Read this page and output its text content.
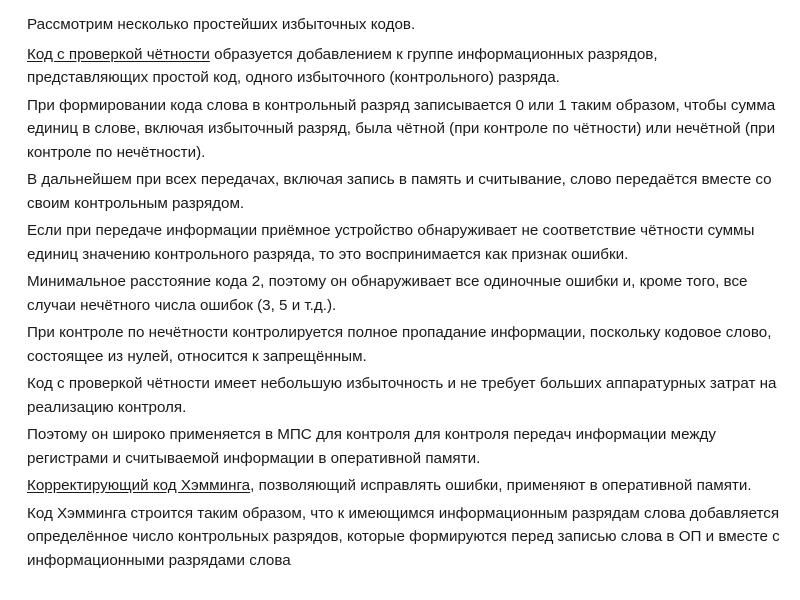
Рассмотрим несколько простейших избыточных кодов.

Код с проверкой чётности образуется добавлением к группе информационных разрядов, представляющих простой код, одного избыточного (контрольного) разряда.

При формировании кода слова в контрольный разряд записывается 0 или 1 таким образом, чтобы сумма единиц в слове, включая избыточный разряд, была чётной (при контроле по чётности) или нечётной (при контроле по нечётности).

В дальнейшем при всех передачах, включая запись в память и считывание, слово передаётся вместе со своим контрольным разрядом.

Если при передаче информации приёмное устройство обнаруживает не соответствие чётности суммы единиц значению контрольного разряда, то это воспринимается как признак ошибки.

Минимальное расстояние кода 2, поэтому он обнаруживает все одиночные ошибки и, кроме того, все случаи нечётного числа ошибок (3, 5 и т.д.).

При контроле по нечётности контролируется полное пропадание информации, поскольку кодовое слово, состоящее из нулей, относится к запрещённым.

Код с проверкой чётности имеет небольшую избыточность и не требует больших аппаратурных затрат на реализацию контроля.

Поэтому он широко применяется в МПС для контроля для контроля передач информации между регистрами и считываемой информации в оперативной памяти.

Корректирующий код Хэмминга, позволяющий исправлять ошибки, применяют в оперативной памяти.

Код Хэмминга строится таким образом, что к имеющимся информационным разрядам слова добавляется определённое число контрольных разрядов, которые формируются перед записью слова в ОП и вместе с информационными разрядами слова
